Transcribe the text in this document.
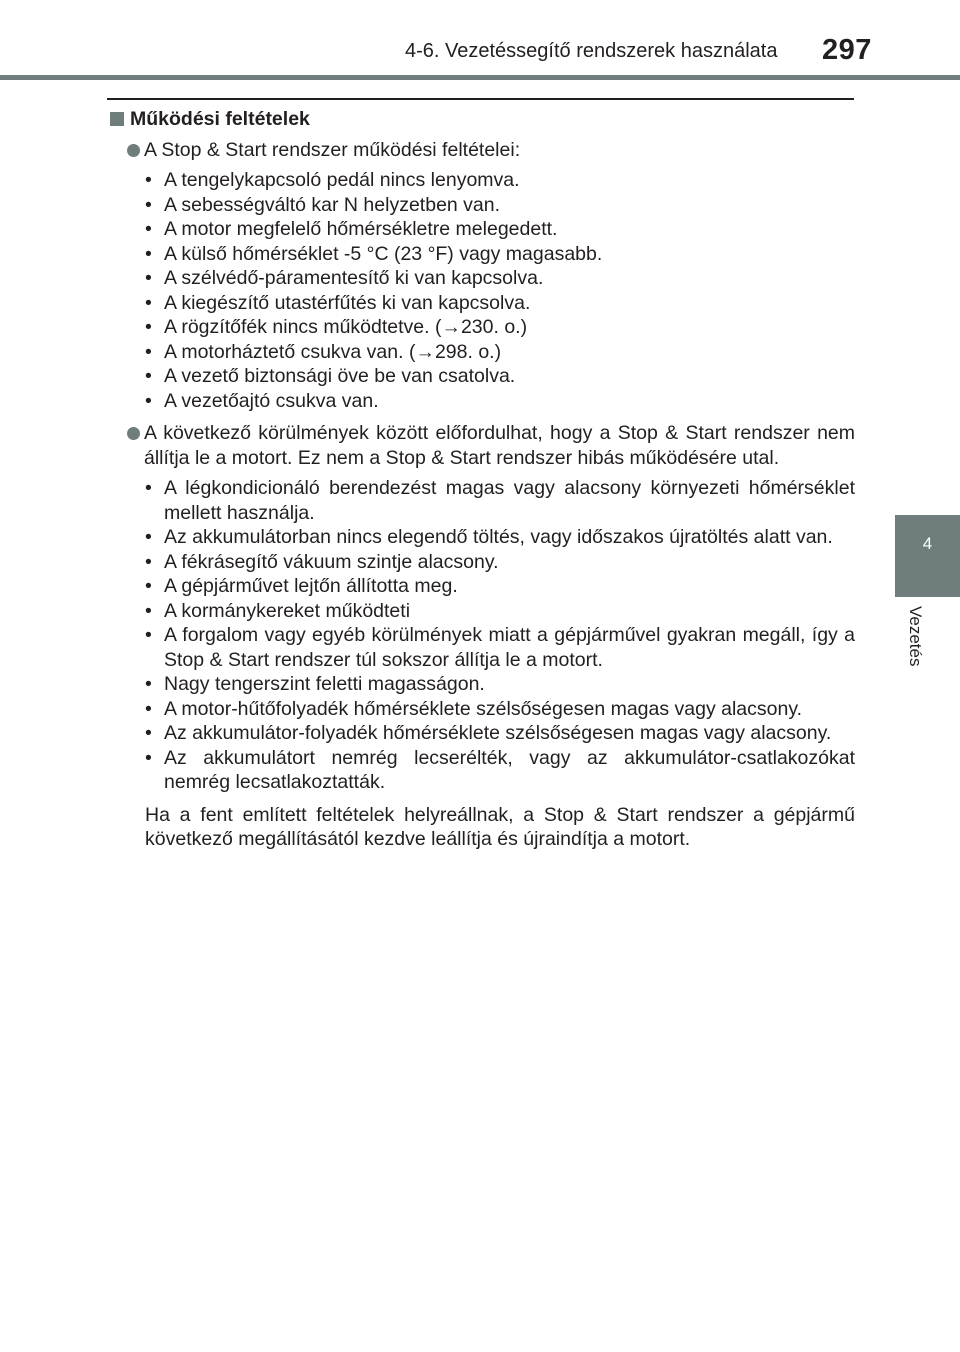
4-6. Vezetéssegítő rendszerek használata 297
4
Vezetés
Működési feltételek
A Stop & Start rendszer működési feltételei:
• A tengelykapcsoló pedál nincs lenyomva.
• A sebességváltó kar N helyzetben van.
• A motor megfelelő hőmérsékletre melegedett.
• A külső hőmérséklet -5 °C (23 °F) vagy magasabb.
• A szélvédő-páramentesítő ki van kapcsolva.
• A kiegészítő utastérfűtés ki van kapcsolva.
• A rögzítőfék nincs működtetve. (→230. o.)
• A motorháztető csukva van. (→298. o.)
• A vezető biztonsági öve be van csatolva.
• A vezetőajtó csukva van.
A következő körülmények között előfordulhat, hogy a Stop & Start rendszer nem állítja le a motort. Ez nem a Stop & Start rendszer hibás működésére utal.
• A légkondicionáló berendezést magas vagy alacsony környezeti hőmérséklet mellett használja.
• Az akkumulátorban nincs elegendő töltés, vagy időszakos újratöltés alatt van.
• A fékrásegítő vákuum szintje alacsony.
• A gépjárművet lejtőn állította meg.
• A kormánykereket működteti
• A forgalom vagy egyéb körülmények miatt a gépjárművel gyakran megáll, így a Stop & Start rendszer túl sokszor állítja le a motort.
• Nagy tengerszint feletti magasságon.
• A motor-hűtőfolyadék hőmérséklete szélsőségesen magas vagy alacsony.
• Az akkumulátor-folyadék hőmérséklete szélsőségesen magas vagy alacsony.
• Az akkumulátort nemrég lecserélték, vagy az akkumulátor-csatlakozókat nemrég lecsatlakoztatták.
Ha a fent említett feltételek helyreállnak, a Stop & Start rendszer a gépjármű következő megállításától kezdve leállítja és újraindítja a motort.
